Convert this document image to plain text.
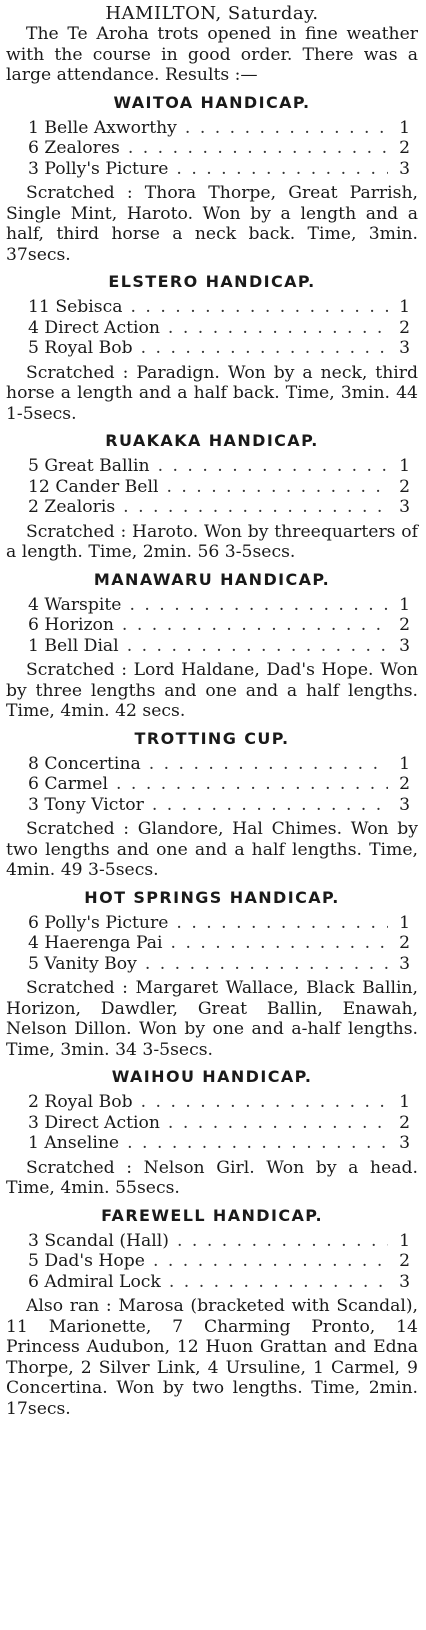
HAMILTON, Saturday.

The Te Aroha trots opened in fine weather with the course in good order. There was a large attendance. Results :—

WAITOA HANDICAP.
1 Belle Axworthy . . .	1
6 Zealores . . .	2
3 Polly's Picture . . .	3

Scratched : Thora Thorpe, Great Parrish, Single Mint, Haroto. Won by a length and a half, third horse a neck back. Time, 3min. 37secs.

ELSTERO HANDICAP.
11 Sebisca . . .	1
4 Direct Action . . .	2
5 Royal Bob . . .	3

Scratched : Paradign. Won by a neck, third horse a length and a half back. Time, 3min. 44 1-5secs.

RUAKAKA HANDICAP.
5 Great Ballin . . .	1
12 Cander Bell . . .	2
2 Zealoris . . .	3

Scratched : Haroto. Won by threequarters of a length. Time, 2min. 56 3-5secs.

MANAWARU HANDICAP.
4 Warspite . . .	1
6 Horizon . . .	2
1 Bell Dial . . .	3

Scratched : Lord Haldane, Dad's Hope. Won by three lengths and one and a half lengths. Time, 4min. 42 secs.

TROTTING CUP.
8 Concertina . . .	1
6 Carmel . . .	2
3 Tony Victor . . .	3

Scratched : Glandore, Hal Chimes. Won by two lengths and one and a half lengths. Time, 4min. 49 3-5secs.

HOT SPRINGS HANDICAP.
6 Polly's Picture . . .	1
4 Haerenga Pai . . .	2
5 Vanity Boy . . .	3

Scratched : Margaret Wallace, Black Ballin, Horizon, Dawdler, Great Ballin, Enawah, Nelson Dillon. Won by one and a-half lengths. Time, 3min. 34 3-5secs.

WAIHOU HANDICAP.
2 Royal Bob . . .	1
3 Direct Action . . .	2
1 Anseline . . .	3

Scratched : Nelson Girl. Won by a head. Time, 4min. 55secs.

FAREWELL HANDICAP.
3 Scandal (Hall) . . .	1
5 Dad's Hope . . .	2
6 Admiral Lock . . .	3

Also ran : Marosa (bracketed with Scandal), 11 Marionette, 7 Charming Pronto, 14 Princess Audubon, 12 Huon Grattan and Edna Thorpe, 2 Silver Link, 4 Ursuline, 1 Carmel, 9 Concertina. Won by two lengths. Time, 2min. 17secs.
